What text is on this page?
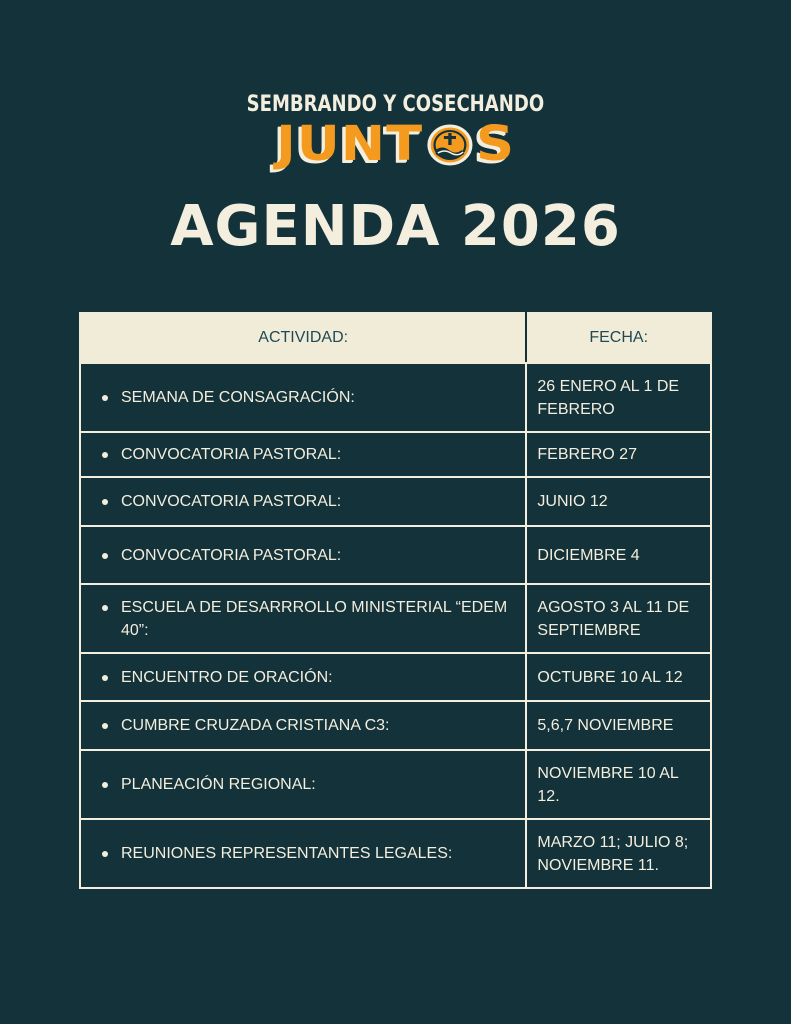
SEMBRANDO Y COSECHANDO
JUNT S
AGENDA 2026
ACTIVIDAD:	FECHA:

SEMANA DE CONSAGRACIÓN:	26 ENERO AL 1 DE FEBRERO

CONVOCATORIA PASTORAL:	FEBRERO 27

CONVOCATORIA PASTORAL:	JUNIO 12

CONVOCATORIA PASTORAL:	DICIEMBRE 4

ESCUELA DE DESARRROLLO MINISTERIAL “EDEM 40”:	AGOSTO 3 AL 11 DE SEPTIEMBRE

ENCUENTRO DE ORACIÓN:	OCTUBRE 10 AL 12

CUMBRE CRUZADA CRISTIANA C3:	5,6,7 NOVIEMBRE

PLANEACIÓN REGIONAL:	NOVIEMBRE 10 AL 12.

REUNIONES REPRESENTANTES LEGALES:	MARZO 11; JULIO 8; NOVIEMBRE 11.
